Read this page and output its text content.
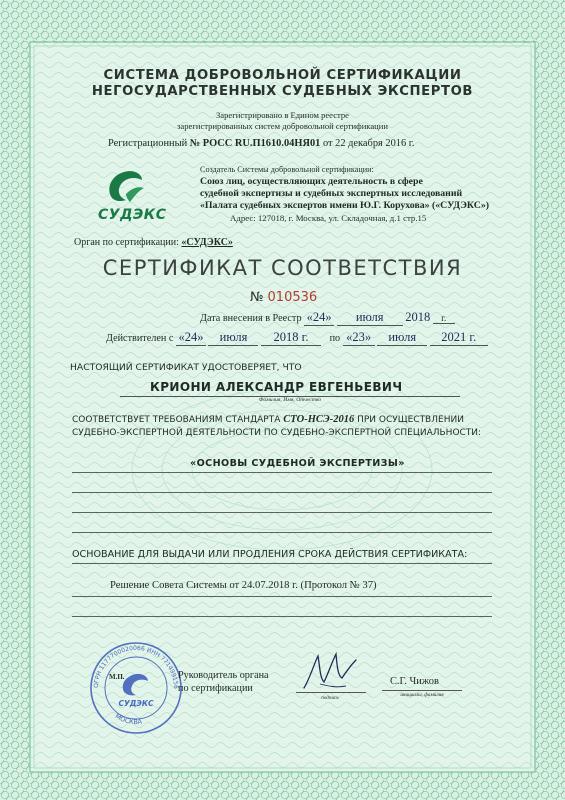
СИСТЕМА ДОБРОВОЛЬНОЙ СЕРТИФИКАЦИИ
НЕГОСУДАРСТВЕННЫХ СУДЕБНЫХ ЭКСПЕРТОВ
Зарегистрировано в Едином реестре
зарегистрированных систем добровольной сертификации
Регистрационный № РОСС RU.П1610.04НЯ01 от 22 декабря 2016 г.
СУДЭКС
Создатель Системы добровольной сертификации:
Союз лиц, осуществляющих деятельность в сфере
судебной экспертизы и судебных экспертных исследований
«Палата судебных экспертов имени Ю.Г. Корухова» («СУДЭКС»)
Адрес: 127018, г. Москва, ул. Складочная, д.1 стр.15
Орган по сертификации: «СУДЭКС»
СЕРТИФИКАТ СООТВЕТСТВИЯ
№ 010536
Дата внесения в Реестр «24» июля 2018 г.
Действителен с «24» июля 2018 г. по «23» июля 2021 г.
НАСТОЯЩИЙ СЕРТИФИКАТ УДОСТОВЕРЯЕТ, ЧТО
КРИОНИ АЛЕКСАНДР ЕВГЕНЬЕВИЧ
Фамилия, Имя, Отчество
СООТВЕТСТВУЕТ ТРЕБОВАНИЯМ СТАНДАРТА СТО-НСЭ-2016 ПРИ ОСУЩЕСТВЛЕНИИ
СУДЕБНО-ЭКСПЕРТНОЙ ДЕЯТЕЛЬНОСТИ ПО СУДЕБНО-ЭКСПЕРТНОЙ СПЕЦИАЛЬНОСТИ:
«ОСНОВЫ СУДЕБНОЙ ЭКСПЕРТИЗЫ»
ОСНОВАНИЕ ДЛЯ ВЫДАЧИ ИЛИ ПРОДЛЕНИЯ СРОКА ДЕЙСТВИЯ СЕРТИФИКАТА:
Решение Совета Системы от 24.07.2018 г. (Протокол № 37)
ОГРН 1177700020066 ИНН 771499156
МОСКВА
СУДЭКС
М.П.	Руководитель органа
по сертификации
подпись
С.Г. Чижов
инициалы, фамилия
